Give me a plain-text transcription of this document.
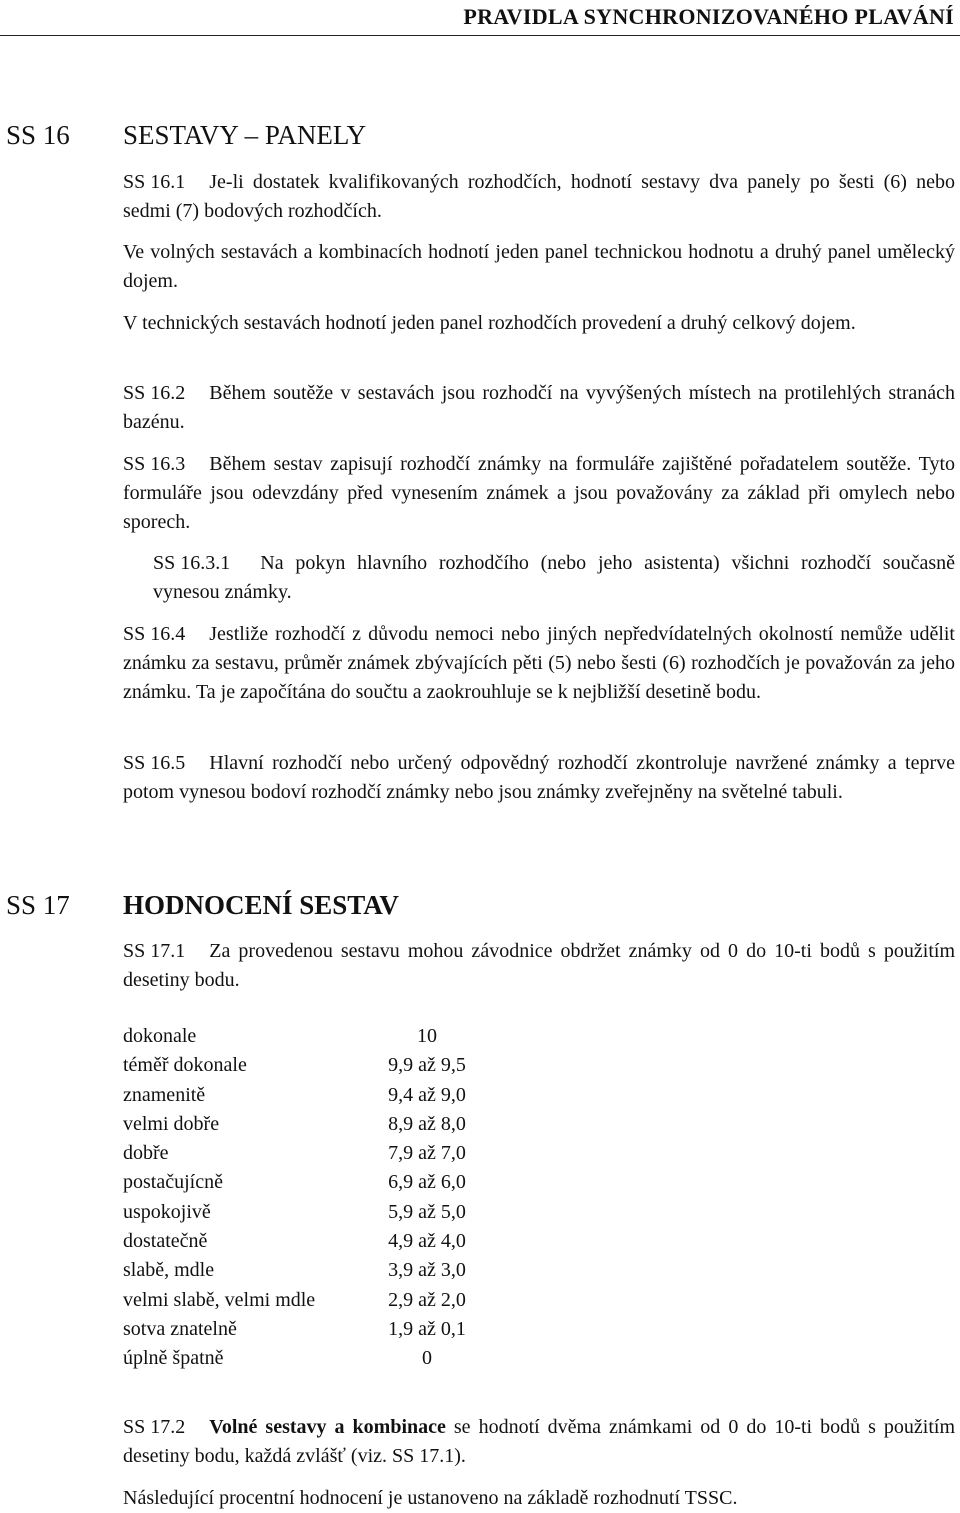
PRAVIDLA SYNCHRONIZOVANÉHO PLAVÁNÍ
SS 16 SESTAVY – PANELY
SS 16.1 Je-li dostatek kvalifikovaných rozhodčích, hodnotí sestavy dva panely po šesti (6) nebo sedmi (7) bodových rozhodčích.
Ve volných sestavách a kombinacích hodnotí jeden panel technickou hodnotu a druhý panel umělecký dojem.
V technických sestavách hodnotí jeden panel rozhodčích provedení a druhý celkový dojem.
SS 16.2 Během soutěže v sestavách jsou rozhodčí na vyvýšených místech na protilehlých stranách bazénu.
SS 16.3 Během sestav zapisují rozhodčí známky na formuláře zajištěné pořadatelem soutěže. Tyto formuláře jsou odevzdány před vynesením známek a jsou považovány za základ při omylech nebo sporech.
SS 16.3.1 Na pokyn hlavního rozhodčího (nebo jeho asistenta) všichni rozhodčí současně vynesou známky.
SS 16.4 Jestliže rozhodčí z důvodu nemoci nebo jiných nepředvídatelných okolností nemůže udělit známku za sestavu, průměr známek zbývajících pěti (5) nebo šesti (6) rozhodčích je považován za jeho známku. Ta je započítána do součtu a zaokrouhluje se k nejbližší desetině bodu.
SS 16.5 Hlavní rozhodčí nebo určený odpovědný rozhodčí zkontroluje navržené známky a teprve potom vynesou bodoví rozhodčí známky nebo jsou známky zveřejněny na světelné tabuli.
SS 17 HODNOCENÍ SESTAV
SS 17.1 Za provedenou sestavu mohou závodnice obdržet známky od 0 do 10-ti bodů s použitím desetiny bodu.
dokonale	10
téměř dokonale	9,9 až 9,5
znamenitě	9,4 až 9,0
velmi dobře	8,9 až 8,0
dobře	7,9 až 7,0
postačujícně	6,9 až 6,0
uspokojivě	5,9 až 5,0
dostatečně	4,9 až 4,0
slabě, mdle	3,9 až 3,0
velmi slabě, velmi mdle	2,9 až 2,0
sotva znatelně	1,9 až 0,1
úplně špatně	0
SS 17.2 Volné sestavy a kombinace se hodnotí dvěma známkami od 0 do 10-ti bodů s použitím desetiny bodu, každá zvlášť (viz. SS 17.1).
Následující procentní hodnocení je ustanoveno na základě rozhodnutí TSSC.
